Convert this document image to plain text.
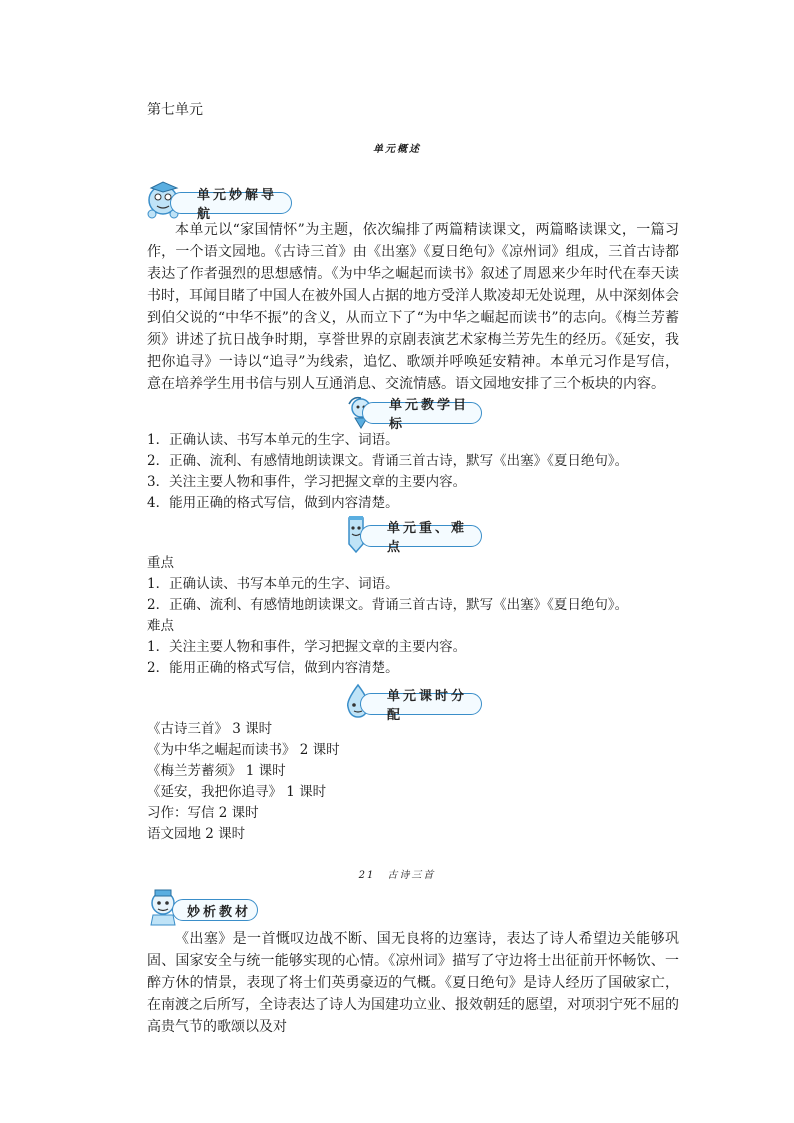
第七单元
单元概述
单元妙解导航

本单元以“家国情怀”为主题，依次编排了两篇精读课文，两篇略读课文，一篇习作，一个语文园地。《古诗三首》由《出塞》《夏日绝句》《凉州词》组成，三首古诗都表达了作者强烈的思想感情。《为中华之崛起而读书》叙述了周恩来少年时代在奉天读书时，耳闻目睹了中国人在被外国人占据的地方受洋人欺凌却无处说理，从中深刻体会到伯父说的“中华不振”的含义，从而立下了“为中华之崛起而读书”的志向。《梅兰芳蓄须》讲述了抗日战争时期，享誉世界的京剧表演艺术家梅兰芳先生的经历。《延安，我把你追寻》一诗以“追寻”为线索，追忆、歌颂并呼唤延安精神。本单元习作是写信，意在培养学生用书信与别人互通消息、交流情感。语文园地安排了三个板块的内容。

单元教学目标
1．正确认读、书写本单元的生字、词语。
2．正确、流利、有感情地朗读课文。背诵三首古诗，默写《出塞》《夏日绝句》。
3．关注主要人物和事件，学习把握文章的主要内容。
4．能用正确的格式写信，做到内容清楚。
单元重、难点
重点
1．正确认读、书写本单元的生字、词语。
2．正确、流利、有感情地朗读课文。背诵三首古诗，默写《出塞》《夏日绝句》。
难点
1．关注主要人物和事件，学习把握文章的主要内容。
2．能用正确的格式写信，做到内容清楚。
单元课时分配
《古诗三首》 3 课时
《为中华之崛起而读书》 2 课时
《梅兰芳蓄须》 1 课时
《延安，我把你追寻》 1 课时
习作：写信 2 课时
语文园地 2 课时
21　古诗三首
妙析教材

《出塞》是一首慨叹边战不断、国无良将的边塞诗，表达了诗人希望边关能够巩固、国家安全与统一能够实现的心情。《凉州词》描写了守边将士出征前开怀畅饮、一醉方休的情景，表现了将士们英勇豪迈的气概。《夏日绝句》是诗人经历了国破家亡，在南渡之后所写，全诗表达了诗人为国建功立业、报效朝廷的愿望，对项羽宁死不屈的高贵气节的歌颂以及对
